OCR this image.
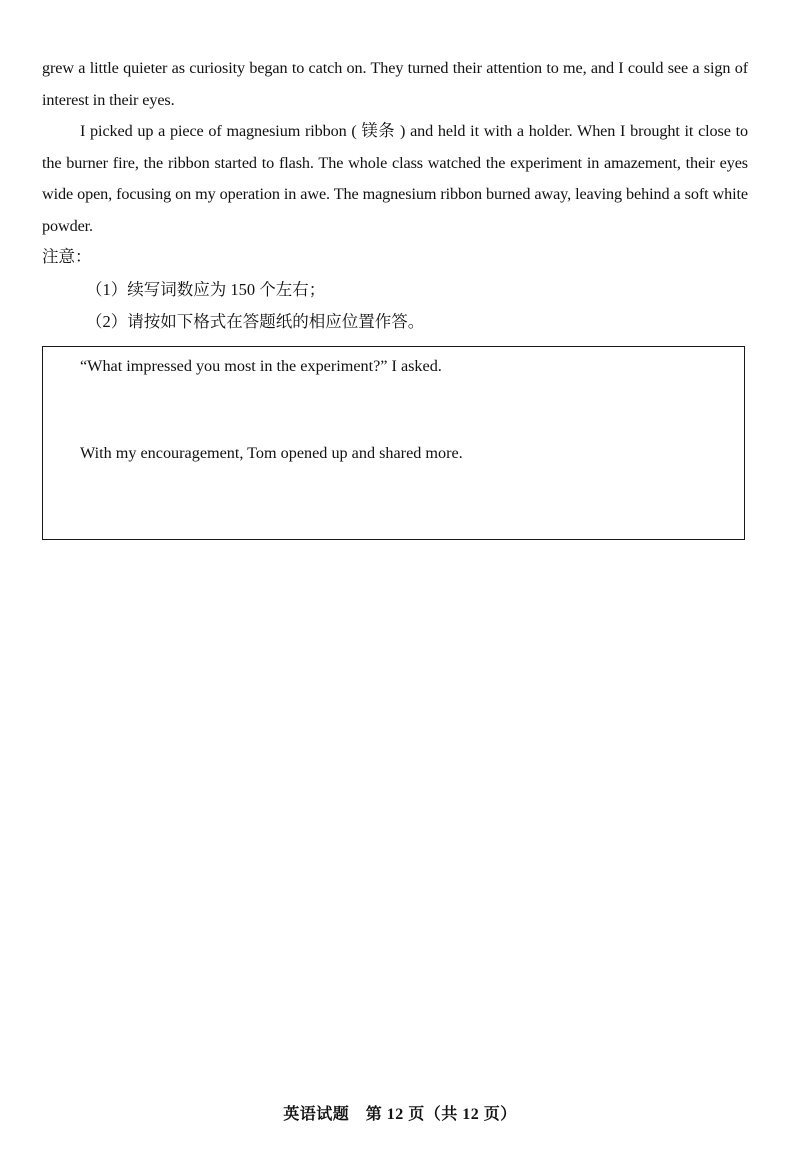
grew a little quieter as curiosity began to catch on. They turned their attention to me, and I could see a sign of interest in their eyes.

I picked up a piece of magnesium ribbon ( 镁条 ) and held it with a holder. When I brought it close to the burner fire, the ribbon started to flash. The whole class watched the experiment in amazement, their eyes wide open, focusing on my operation in awe. The magnesium ribbon burned away, leaving behind a soft white powder.

注意：

（1）续写词数应为 150 个左右；

（2）请按如下格式在答题纸的相应位置作答。

“What impressed you most in the experiment?” I asked.

With my encouragement, Tom opened up and shared more.

英语试题　第 12 页（共 12 页）
